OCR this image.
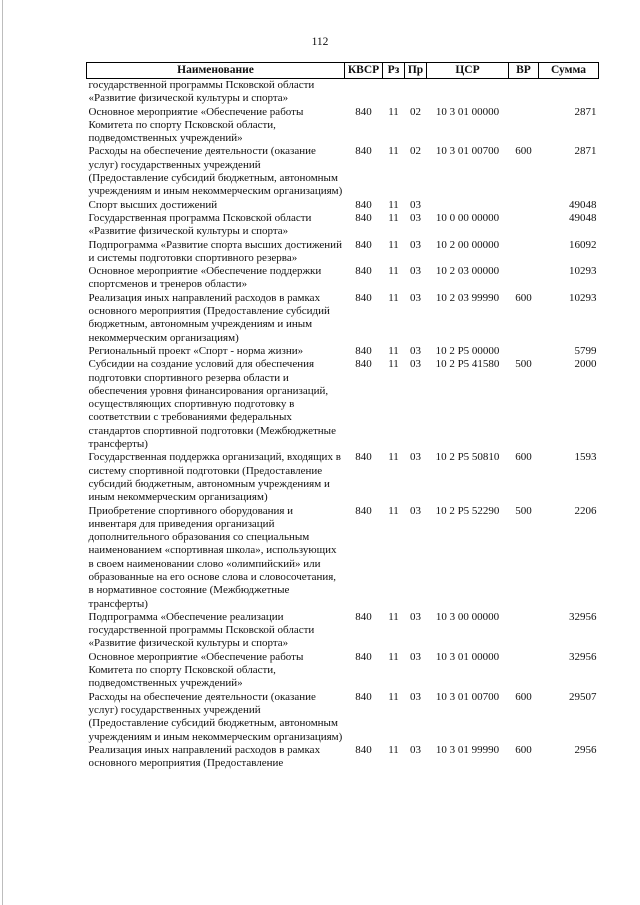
112
Наименование	КВСР	Рз	Пр	ЦСР	ВР	Сумма
государственной программы Псковской области «Развитие физической культуры и спорта»						
Основное мероприятие «Обеспечение работы Комитета по спорту Псковской области, подведомственных учреждений»	840	11	02	10 3 01 00000		2871
Расходы на обеспечение деятельности (оказание услуг) государственных учреждений (Предоставление субсидий бюджетным, автономным учреждениям и иным некоммерческим организациям)	840	11	02	10 3 01 00700	600	2871
Спорт высших достижений	840	11	03			49048
Государственная программа Псковской области «Развитие физической культуры и спорта»	840	11	03	10 0 00 00000		49048
Подпрограмма «Развитие спорта высших достижений и системы подготовки спортивного резерва»	840	11	03	10 2 00 00000		16092
Основное мероприятие «Обеспечение поддержки спортсменов и тренеров области»	840	11	03	10 2 03 00000		10293
Реализация иных направлений расходов в рамках основного мероприятия (Предоставление субсидий бюджетным, автономным учреждениям и иным некоммерческим организациям)	840	11	03	10 2 03 99990	600	10293
Региональный проект «Спорт - норма жизни»	840	11	03	10 2 P5 00000		5799
Субсидии на создание условий для обеспечения подготовки спортивного резерва области и обеспечения уровня финансирования организаций, осуществляющих спортивную подготовку в соответствии с требованиями федеральных стандартов спортивной подготовки (Межбюджетные трансферты)	840	11	03	10 2 P5 41580	500	2000
Государственная поддержка организаций, входящих в систему спортивной подготовки (Предоставление субсидий бюджетным, автономным учреждениям и иным некоммерческим организациям)	840	11	03	10 2 P5 50810	600	1593
Приобретение спортивного оборудования и инвентаря для приведения организаций дополнительного образования со специальным наименованием «спортивная школа», использующих в своем наименовании слово «олимпийский» или образованные на его основе слова и словосочетания, в нормативное состояние (Межбюджетные трансферты)	840	11	03	10 2 P5 52290	500	2206
Подпрограмма «Обеспечение реализации государственной программы Псковской области «Развитие физической культуры и спорта»	840	11	03	10 3 00 00000		32956
Основное мероприятие «Обеспечение работы Комитета по спорту Псковской области, подведомственных учреждений»	840	11	03	10 3 01 00000		32956
Расходы на обеспечение деятельности (оказание услуг) государственных учреждений (Предоставление субсидий бюджетным, автономным учреждениям и иным некоммерческим организациям)	840	11	03	10 3 01 00700	600	29507
Реализация иных направлений расходов в рамках основного мероприятия (Предоставление	840	11	03	10 3 01 99990	600	2956
